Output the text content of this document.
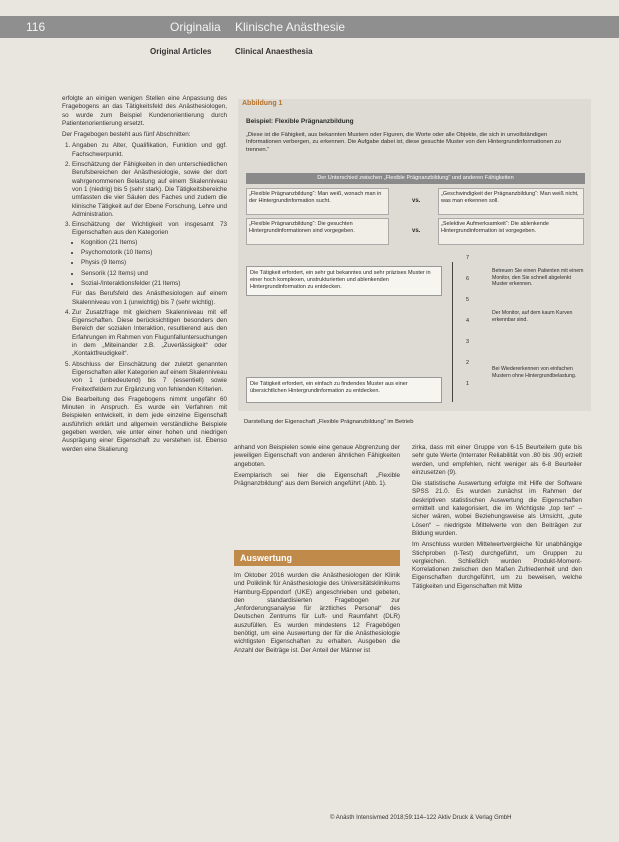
116	Originalia Klinische Anästhesie
Original Articles	Clinical Anaesthesia

erfolgte an einigen wenigen Stellen eine Anpassung des Fragebogens an das Tätigkeitsfeld des Anästhesiologen, so wurde zum Beispiel Kundenorientierung durch Patientenorientierung ersetzt.

Der Fragebogen besteht aus fünf Abschnitten:

1. Angaben zu Alter, Qualifikation, Funktion und ggf. Fachschwerpunkt.
2. Einschätzung der Fähigkeiten in den unterschiedlichen Berufsbereichen der Anästhesiologie, sowie der dort wahrgenommenen Belastung auf einem Skalenniveau von 1 (niedrig) bis 5 (sehr stark). Die Tätigkeitsbereiche umfassten die vier Säulen des Faches und zudem die klinische Tätigkeit auf der Ebene Forschung, Lehre und Administration.
3. Einschätzung der Wichtigkeit von insgesamt 73 Eigenschaften aus den Kategorien
• Kognition (21 Items)
• Psychomotorik (10 Items)
• Physis (9 Items)
• Sensorik (12 Items) und
• Sozial-/Interaktionsfelder (21 Items)
Für das Berufsfeld des Anästhesiologen auf einem Skalenniveau von 1 (unwichtig) bis 7 (sehr wichtig).
4. Zur Zusatzfrage mit gleichem Skalenniveau mit elf Eigenschaften. Diese berücksichtigen besonders den Bereich der sozialen Interaktion, resultierend aus den Erfahrungen im Rahmen von Flugunfalluntersuchungen in dem „Miteinander z.B. „Zuverlässigkeit“ oder „Kontaktfreudigkeit“.
5. Abschluss der Einschätzung der zuletzt genannten Eigenschaften aller Kategorien auf einem Skalenniveau von 1 (unbedeutend) bis 7 (essentiell) sowie Freitextfeldern zur Ergänzung von fehlenden Kriterien.

Die Bearbeitung des Fragebogens nimmt ungefähr 60 Minuten in Anspruch. Es wurde ein Verfahren mit Beispielen entwickelt, in dem jede einzelne Eigenschaft ausführlich erklärt und allgemein verständliche Beispiele gegeben werden, wie unter einer hohen und niedrigen Ausprägung einer Eigenschaft zu verstehen ist. Ebenso werden eine Skalierung

Abbildung 1
Beispiel: Flexible Prägnanzbildung
„Diese ist die Fähigkeit, aus bekannten Mustern oder Figuren, die Worte oder alle Objekte, die sich in unvollständigen Informationen verbergen, zu erkennen. Die Aufgabe dabei ist, diese gesuchte Muster von den Hintergrundinformationen zu trennen.“
Der Unterschied zwischen „Flexible Prägnanzbildung“ und anderen Fähigkeiten
„Flexible Prägnanzbildung“: Man weiß, wonach man in der Hintergrundinformation sucht.
„Flexible Prägnanzbildung“: Die gesuchten Hintergrundinformationen sind vorgegeben.
vs.
vs.
„Geschwindigkeit der Prägnanzbildung“: Man weiß nicht, was man erkennen soll.
„Selektive Aufmerksamkeit“: Die ablenkende Hintergrundinformation ist vorgegeben.
Die Tätigkeit erfordert, ein sehr gut bekanntes und sehr präzises Muster in einer hoch komplexen, unstrukturierten und ablenkenden Hintergrundinformation zu entdecken.
Die Tätigkeit erfordert, ein einfach zu findendes Muster aus einer übersichtlichen Hintergrundinformation zu entdecken.
7
6
5
4
3
2
1
Betreuen Sie einen Patienten mit einem Monitor, den Sie schnell abgelenkt Muster erkennen.
Der Monitor, auf dem kaum Kurven erkennbar sind.
Bei Wiedererkennen von einfachen Mustern ohne Hintergrundbelastung.
Darstellung der Eigenschaft „Flexible Prägnanzbildung“ im Betrieb

anhand von Beispielen sowie eine genaue Abgrenzung der jeweiligen Eigenschaft von anderen ähnlichen Fähigkeiten angeboten.

Exemplarisch sei hier die Eigenschaft „Flexible Prägnanzbildung“ aus dem Bereich angeführt (Abb. 1).

Auswertung

Im Oktober 2016 wurden die Anästhesiologen der Klinik und Poliklinik für Anästhesiologie des Universitätsklinikums Hamburg-Eppendorf (UKE) angeschrieben und gebeten, den standardisierten Fragebogen zur „Anforderungsanalyse für ärztliches Personal“ des Deutschen Zentrums für Luft- und Raumfahrt (DLR) auszufüllen. Es wurden mindestens 12 Fragebögen benötigt, um eine Auswertung der für die Anästhesiologie wichtigsten Eigenschaften zu erhalten. Ausgeben die Anzahl der Beiträge ist. Der Anteil der Männer ist

zirka, dass mit einer Gruppe von 6-15 Beurteilern gute bis sehr gute Werte (Interrater Reliabilität von .80 bis .90) erzielt werden, und empfehlen, nicht weniger als 6-8 Beurteiler einzusetzen (9).

Die statistische Auswertung erfolgte mit Hilfe der Software SPSS 21.0. Es wurden zunächst im Rahmen der deskriptiven statistischen Auswertung die Eigenschaften ermittelt und kategorisiert, die im Wichtigste „top ten“ – sicher wären, wobei Beziehungsweise als Umsicht, „gute Lösen“ – niedrigste Mittelwerte von den Beiträgen zur Bildung wurden.

Im Anschluss wurden Mittelwertvergleiche für unabhängige Stichproben (t-Test) durchgeführt, um Gruppen zu vergleichen. Schließlich wurden Produkt-Moment-Korrelationen zwischen den Maßen Zufriedenheit und den Eigenschaften durchgeführt, um zu beweisen, welche Tätigkeiten und Eigenschaften mit Mitte

© Anästh Intensivmed 2018;59:114–122 Aktiv Druck & Verlag GmbH
